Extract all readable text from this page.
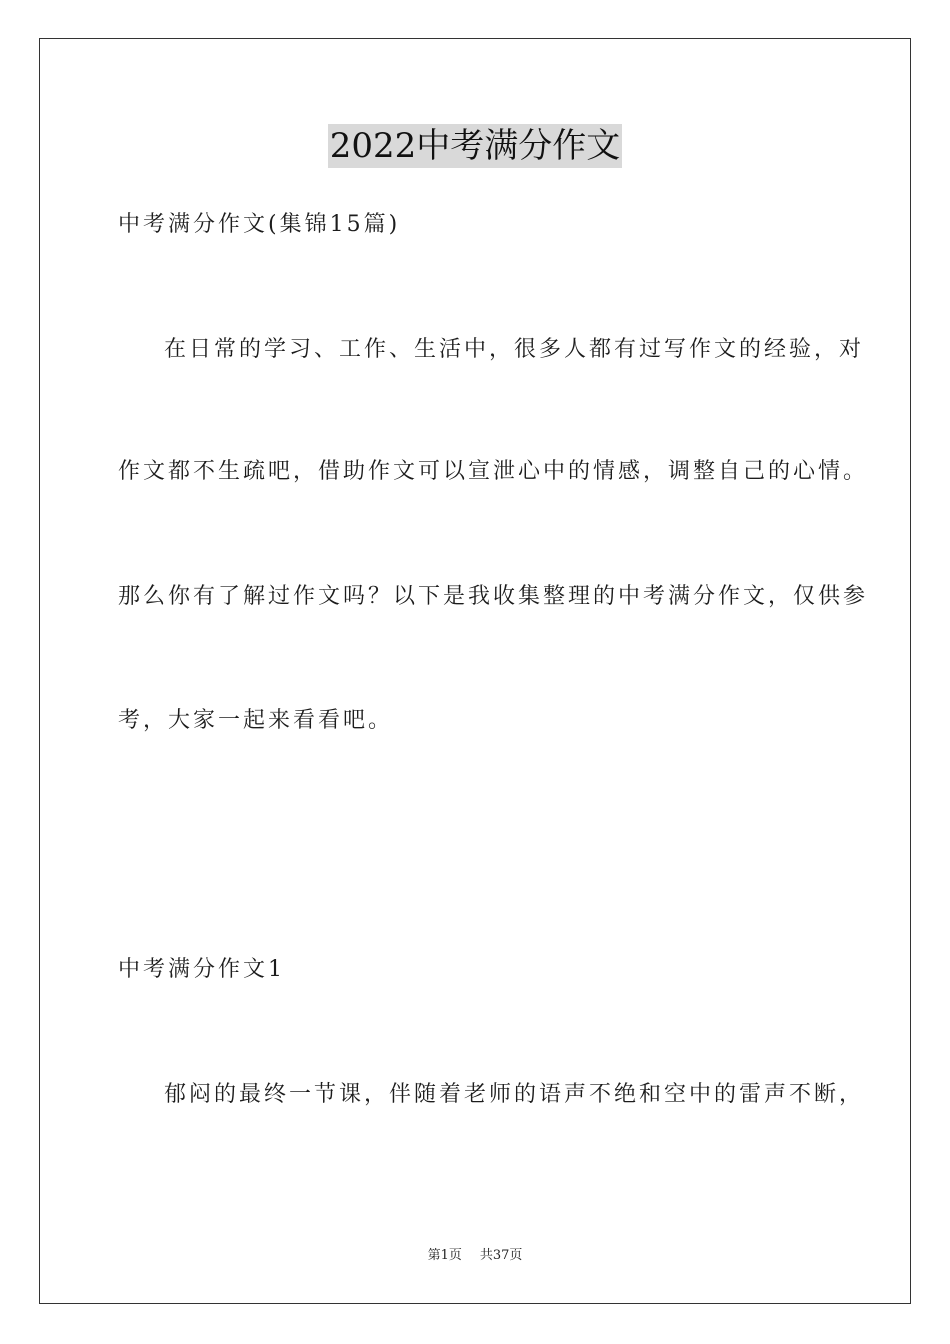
2022中考满分作文
中考满分作文(集锦15篇)
在日常的学习、工作、生活中，很多人都有过写作文的经验，对
作文都不生疏吧，借助作文可以宣泄心中的情感，调整自己的心情。
那么你有了解过作文吗？以下是我收集整理的中考满分作文，仅供参
考，大家一起来看看吧。
中考满分作文1
郁闷的最终一节课，伴随着老师的语声不绝和空中的雷声不断，
第1页 共37页
